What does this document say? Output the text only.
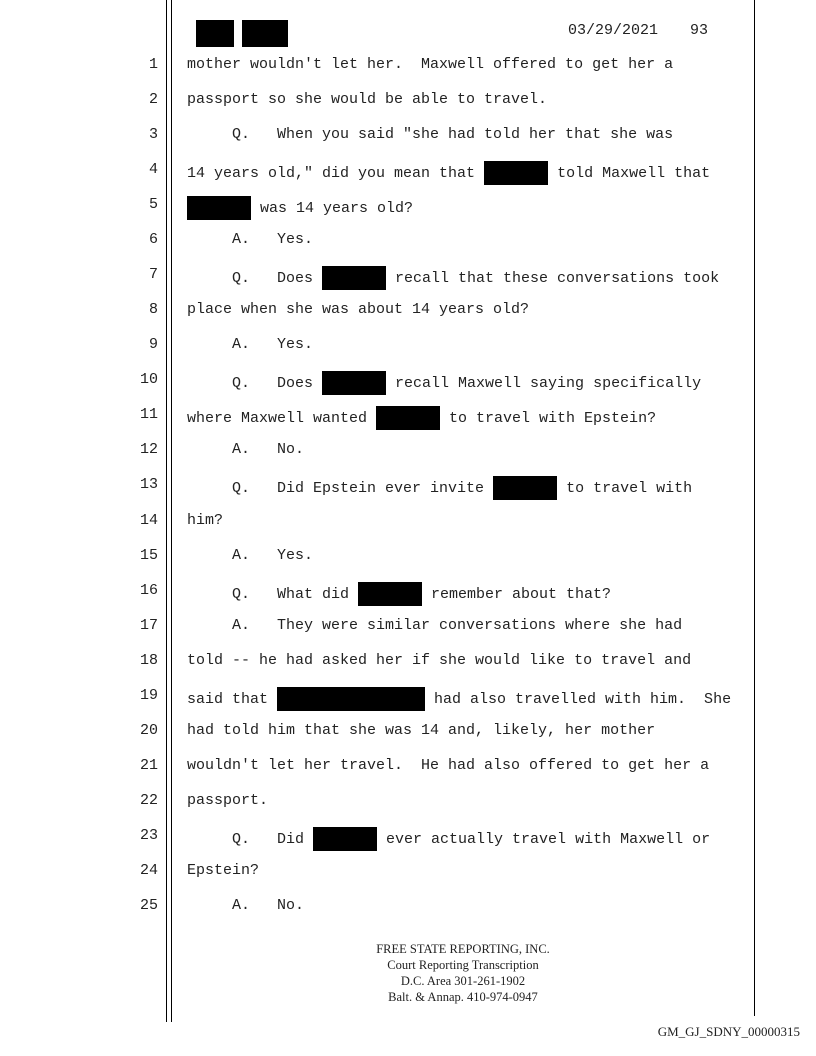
03/29/2021 93
1 mother wouldn't let her.  Maxwell offered to get her a
2 passport so she would be able to travel.
3 Q.   When you said "she had told her that she was
4 14 years old," did you mean that	told Maxwell that
5	was 14 years old?
6 A.   Yes.
7 Q.   Does	recall that these conversations took
8 place when she was about 14 years old?
9 A.   Yes.
10 Q.   Does	recall Maxwell saying specifically
11 where Maxwell wanted	to travel with Epstein?
12 A.   No.
13 Q.   Did Epstein ever invite	to travel with
14 him?
15 A.   Yes.
16 Q.   What did	remember about that?
17 A.   They were similar conversations where she had
18 told -- he had asked her if she would like to travel and
19 said that	had also travelled with him.  She
20 had told him that she was 14 and, likely, her mother
21 wouldn't let her travel.  He had also offered to get her a
22 passport.
23 Q.   Did	ever actually travel with Maxwell or
24 Epstein?
25 A.   No.
FREE STATE REPORTING, INC.
Court Reporting Transcription
D.C. Area 301-261-1902
Balt. & Annap. 410-974-0947
GM_GJ_SDNY_00000315
